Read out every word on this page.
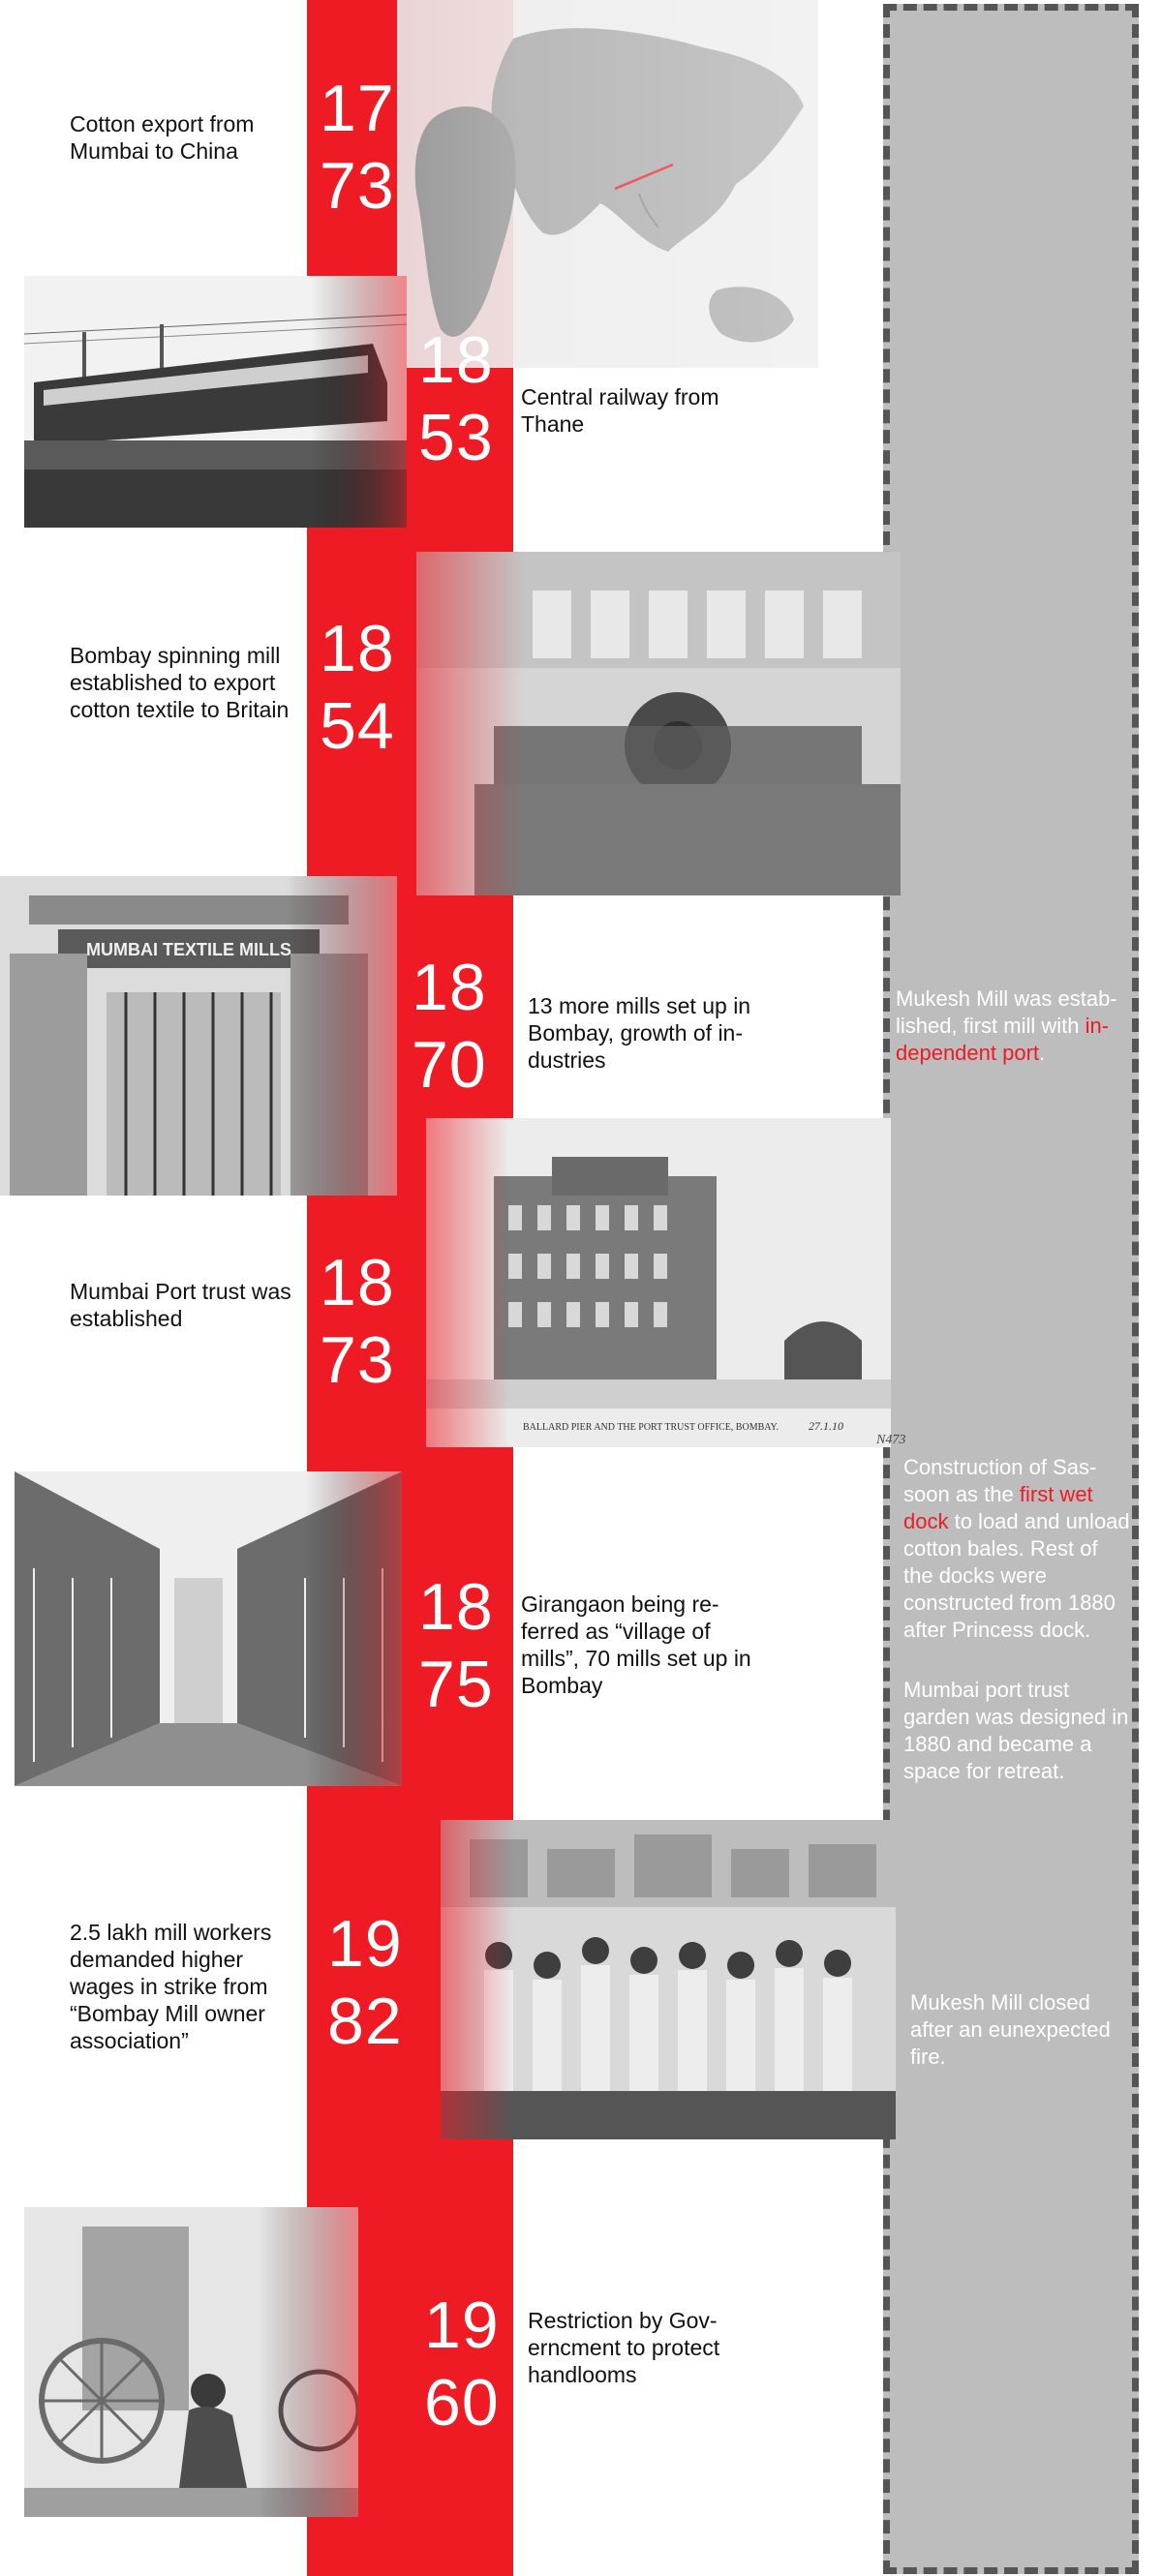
N473
17
73
18
53
18
54
18
70
18
73
18
75
19
82
19
60
Cotton export from Mumbai to China
Central railway from Thane
Bombay spinning mill established to export cotton textile to Britain
13 more mills set up in Bombay, growth of in-dustries
Mumbai Port trust was established
Girangaon being re-ferred as “village of mills”, 70 mills set up in Bombay
2.5 lakh mill workers demanded higher wages in strike from “Bombay Mill owner association”
Restriction by Gov-erncment to protect handlooms
Mukesh Mill was estab-lished, first mill with in-dependent port.
Construction of Sas-soon as the first wet dock to load and unload cotton bales. Rest of the docks were constructed from 1880 after Princess dock.
Mumbai port trust garden was designed in 1880 and became a space for retreat.
Mukesh Mill closed after an eunexpected fire.
